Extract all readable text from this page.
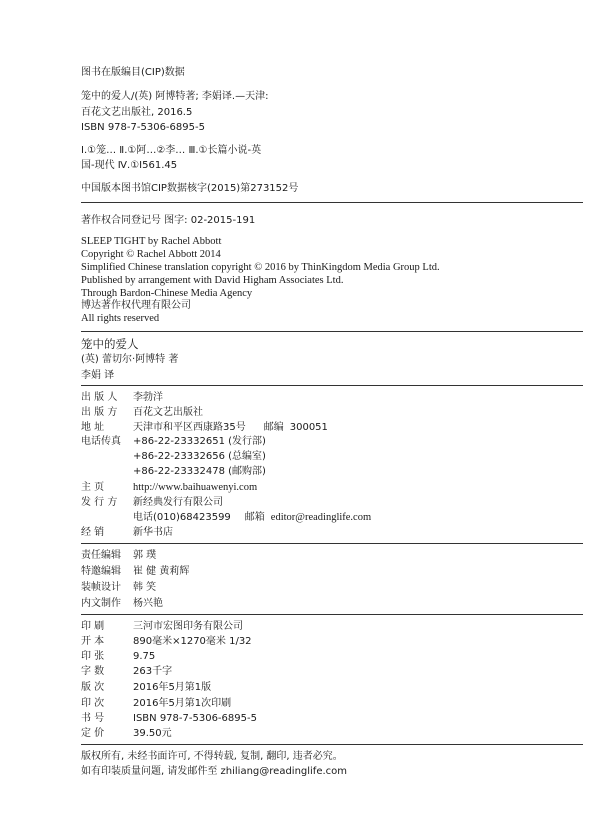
图书在版编目(CIP)数据
笼中的爱人/(英) 阿博特著; 李娟译.—天津:
百花文艺出版社, 2016.5
ISBN 978-7-5306-6895-5
Ⅰ.①笼… Ⅱ.①阿…②李… Ⅲ.①长篇小说-英
国-现代 Ⅳ.①I561.45
中国版本图书馆CIP数据核字(2015)第273152号
著作权合同登记号 图字: 02-2015-191
SLEEP TIGHT by Rachel Abbott
Copyright © Rachel Abbott 2014
Simplified Chinese translation copyright © 2016 by ThinKingdom Media Group Ltd.
Published by arrangement with David Higham Associates Ltd.
Through Bardon-Chinese Media Agency
博达著作权代理有限公司
All rights reserved
笼中的爱人
(英) 蕾切尔·阿博特 著
李娟 译
出 版 人 李勃洋
出 版 方 百花文艺出版社
地 址	天津市和平区西康路35号 邮编 300051
电话传真 +86-22-23332651 (发行部)
+86-22-23332656 (总编室)
+86-22-23332478 (邮购部)
主 页	http://www.baihuawenyi.com
发 行 方 新经典发行有限公司
电话(010)68423599 邮箱 editor@readinglife.com
经 销	新华书店
责任编辑 郭 璞
特邀编辑 崔 健 黄莉辉
装帧设计 韩 笑
内文制作 杨兴艳
印 刷	三河市宏图印务有限公司
开 本	890毫米×1270毫米 1/32
印 张	9.75
字 数	263千字
版 次	2016年5月第1版
印 次	2016年5月第1次印刷
书 号	ISBN 978-7-5306-6895-5
定 价	39.50元
版权所有, 未经书面许可, 不得转载, 复制, 翻印, 违者必究。
如有印装质量问题, 请发邮件至 zhiliang@readinglife.com
